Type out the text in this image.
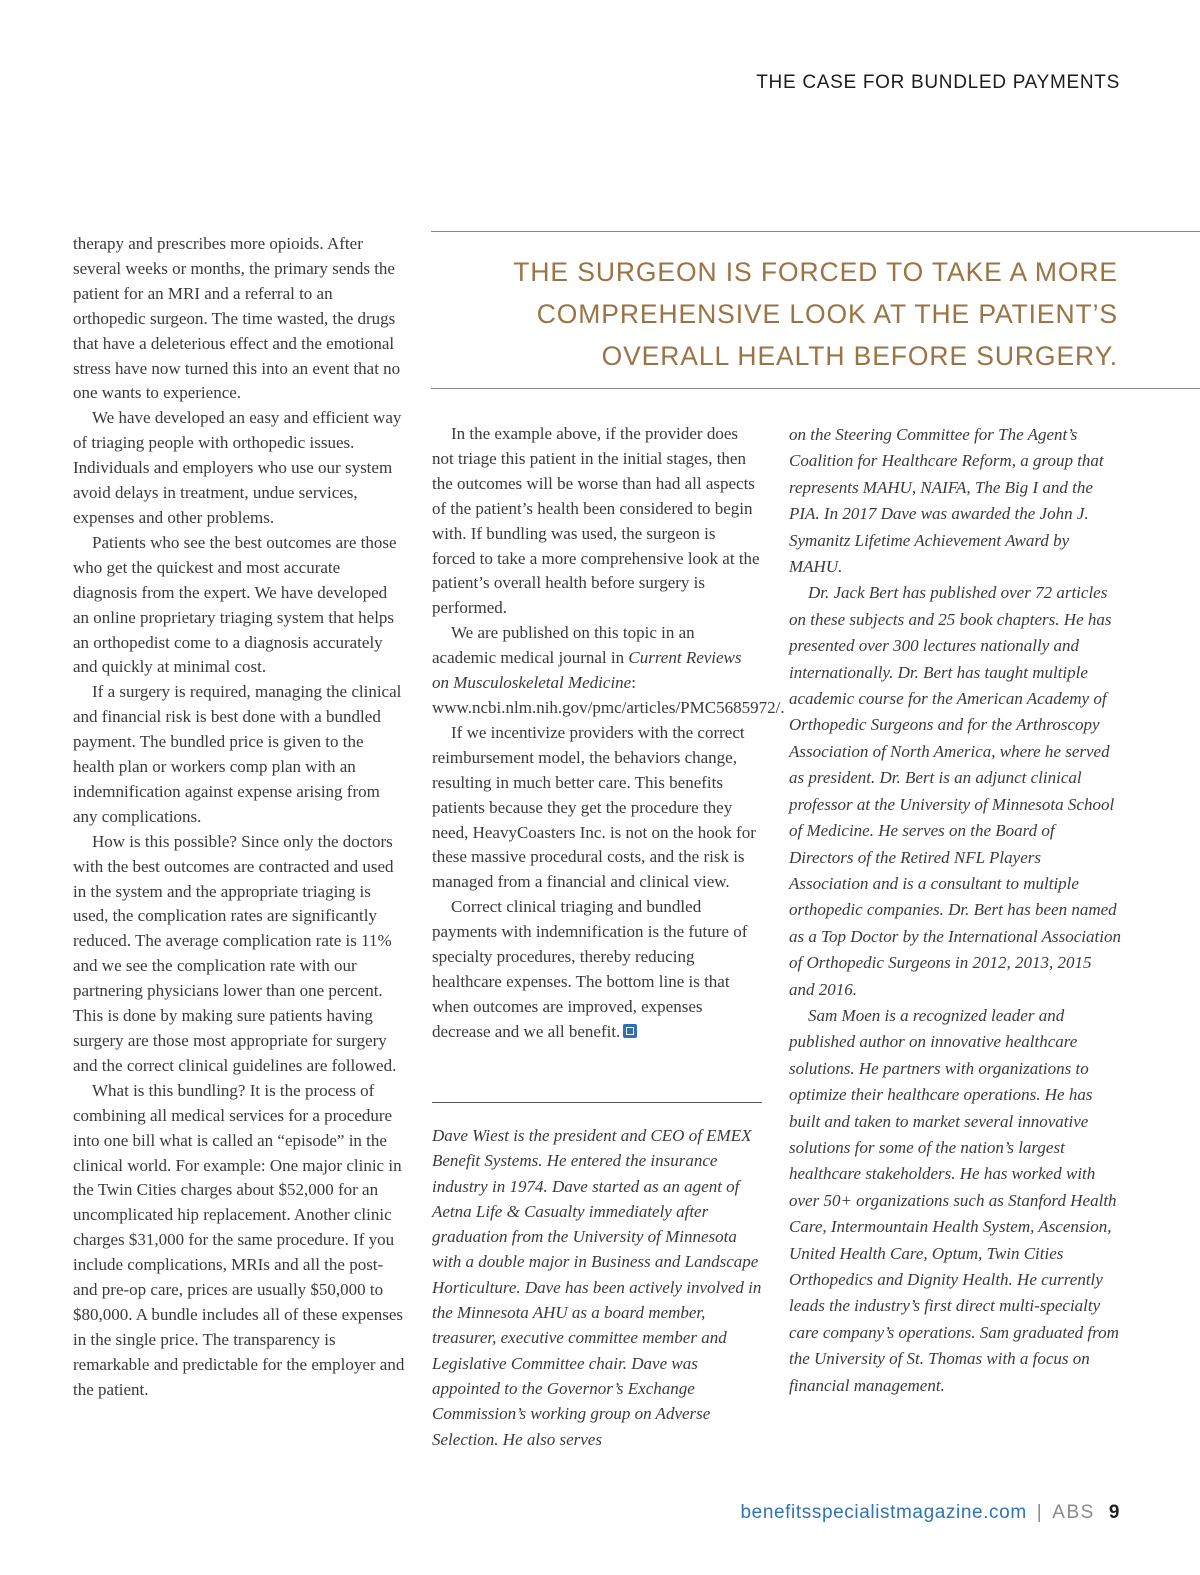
THE CASE FOR BUNDLED PAYMENTS
THE SURGEON IS FORCED TO TAKE A MORE COMPREHENSIVE LOOK AT THE PATIENT’S OVERALL HEALTH BEFORE SURGERY.

therapy and prescribes more opioids. After several weeks or months, the primary sends the patient for an MRI and a referral to an orthopedic surgeon. The time wasted, the drugs that have a deleterious effect and the emotional stress have now turned this into an event that no one wants to experience.

We have developed an easy and efficient way of triaging people with orthopedic issues. Individuals and employers who use our system avoid delays in treatment, undue services, expenses and other problems.

Patients who see the best outcomes are those who get the quickest and most accurate diagnosis from the expert. We have developed an online proprietary triaging system that helps an orthopedist come to a diagnosis accurately and quickly at minimal cost.

If a surgery is required, managing the clinical and financial risk is best done with a bundled payment. The bundled price is given to the health plan or workers comp plan with an indemnification against expense arising from any complications.

How is this possible? Since only the doctors with the best outcomes are contracted and used in the system and the appropriate triaging is used, the complication rates are significantly reduced. The average complication rate is 11% and we see the complication rate with our partnering physicians lower than one percent. This is done by making sure patients having surgery are those most appropriate for surgery and the correct clinical guidelines are followed.

What is this bundling? It is the process of combining all medical services for a procedure into one bill what is called an “episode” in the clinical world. For example: One major clinic in the Twin Cities charges about $52,000 for an uncomplicated hip replacement. Another clinic charges $31,000 for the same procedure. If you include complications, MRIs and all the post- and pre-op care, prices are usually $50,000 to $80,000. A bundle includes all of these expenses in the single price. The transparency is remarkable and predictable for the employer and the patient.

In the example above, if the provider does not triage this patient in the initial stages, then the outcomes will be worse than had all aspects of the patient’s health been considered to begin with. If bundling was used, the surgeon is forced to take a more comprehensive look at the patient’s overall health before surgery is performed.

We are published on this topic in an academic medical journal in Current Reviews on Musculoskeletal Medicine: www.ncbi.nlm.nih.gov/pmc/articles/PMC5685972/.

If we incentivize providers with the correct reimbursement model, the behaviors change, resulting in much better care. This benefits patients because they get the procedure they need, HeavyCoasters Inc. is not on the hook for these massive procedural costs, and the risk is managed from a financial and clinical view.

Correct clinical triaging and bundled payments with indemnification is the future of specialty procedures, thereby reducing healthcare expenses. The bottom line is that when outcomes are improved, expenses decrease and we all benefit.

Dave Wiest is the president and CEO of EMEX Benefit Systems. He entered the insurance industry in 1974. Dave started as an agent of Aetna Life & Casualty immediately after graduation from the University of Minnesota with a double major in Business and Landscape Horticulture. Dave has been actively involved in the Minnesota AHU as a board member, treasurer, executive committee member and Legislative Committee chair. Dave was appointed to the Governor’s Exchange Commission’s working group on Adverse Selection. He also serves

on the Steering Committee for The Agent’s Coalition for Healthcare Reform, a group that represents MAHU, NAIFA, The Big I and the PIA. In 2017 Dave was awarded the John J. Symanitz Lifetime Achievement Award by MAHU.

Dr. Jack Bert has published over 72 articles on these subjects and 25 book chapters. He has presented over 300 lectures nationally and internationally. Dr. Bert has taught multiple academic course for the American Academy of Orthopedic Surgeons and for the Arthroscopy Association of North America, where he served as president. Dr. Bert is an adjunct clinical professor at the University of Minnesota School of Medicine. He serves on the Board of Directors of the Retired NFL Players Association and is a consultant to multiple orthopedic companies. Dr. Bert has been named as a Top Doctor by the International Association of Orthopedic Surgeons in 2012, 2013, 2015 and 2016.

Sam Moen is a recognized leader and published author on innovative healthcare solutions. He partners with organizations to optimize their healthcare operations. He has built and taken to market several innovative solutions for some of the nation’s largest healthcare stakeholders. He has worked with over 50+ organizations such as Stanford Health Care, Intermountain Health System, Ascension, United Health Care, Optum, Twin Cities Orthopedics and Dignity Health. He currently leads the industry’s first direct multi-specialty care company’s operations. Sam graduated from the University of St. Thomas with a focus on financial management.

benefitsspecialistmagazine.com | ABS 9
